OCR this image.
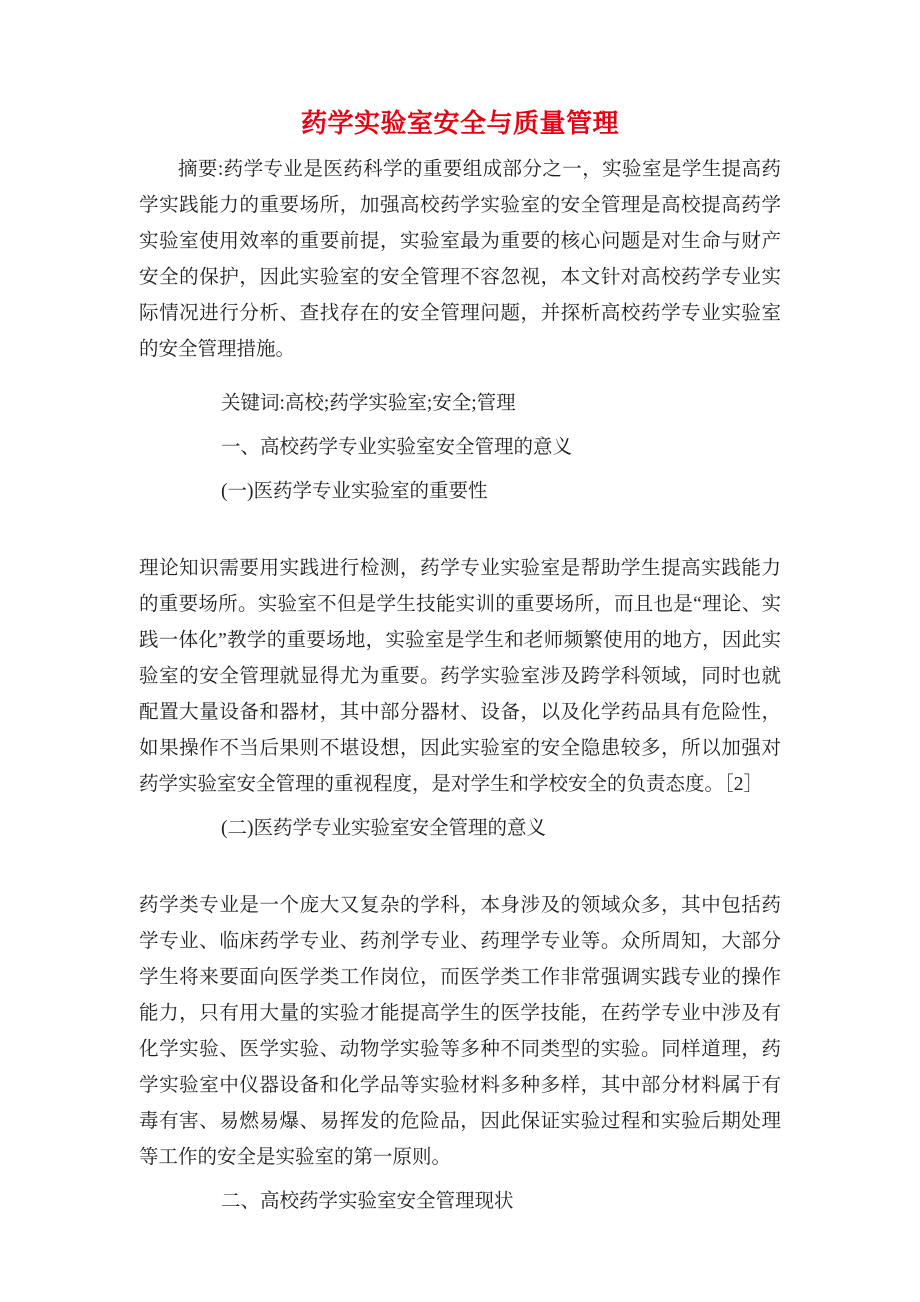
药学实验室安全与质量管理

摘要:药学专业是医药科学的重要组成部分之一，实验室是学生提高药学实践能力的重要场所，加强高校药学实验室的安全管理是高校提高药学实验室使用效率的重要前提，实验室最为重要的核心问题是对生命与财产安全的保护，因此实验室的安全管理不容忽视，本文针对高校药学专业实际情况进行分析、查找存在的安全管理问题，并探析高校药学专业实验室的安全管理措施。

关键词:高校;药学实验室;安全;管理

一、高校药学专业实验室安全管理的意义

(一)医药学专业实验室的重要性

理论知识需要用实践进行检测，药学专业实验室是帮助学生提高实践能力的重要场所。实验室不但是学生技能实训的重要场所，而且也是“理论、实践一体化”教学的重要场地，实验室是学生和老师频繁使用的地方，因此实验室的安全管理就显得尤为重要。药学实验室涉及跨学科领域，同时也就配置大量设备和器材，其中部分器材、设备，以及化学药品具有危险性，如果操作不当后果则不堪设想，因此实验室的安全隐患较多，所以加强对药学实验室安全管理的重视程度，是对学生和学校安全的负责态度。［2］

(二)医药学专业实验室安全管理的意义

药学类专业是一个庞大又复杂的学科，本身涉及的领域众多，其中包括药学专业、临床药学专业、药剂学专业、药理学专业等。众所周知，大部分学生将来要面向医学类工作岗位，而医学类工作非常强调实践专业的操作能力，只有用大量的实验才能提高学生的医学技能，在药学专业中涉及有化学实验、医学实验、动物学实验等多种不同类型的实验。同样道理，药学实验室中仪器设备和化学品等实验材料多种多样，其中部分材料属于有毒有害、易燃易爆、易挥发的危险品，因此保证实验过程和实验后期处理等工作的安全是实验室的第一原则。

二、高校药学实验室安全管理现状
